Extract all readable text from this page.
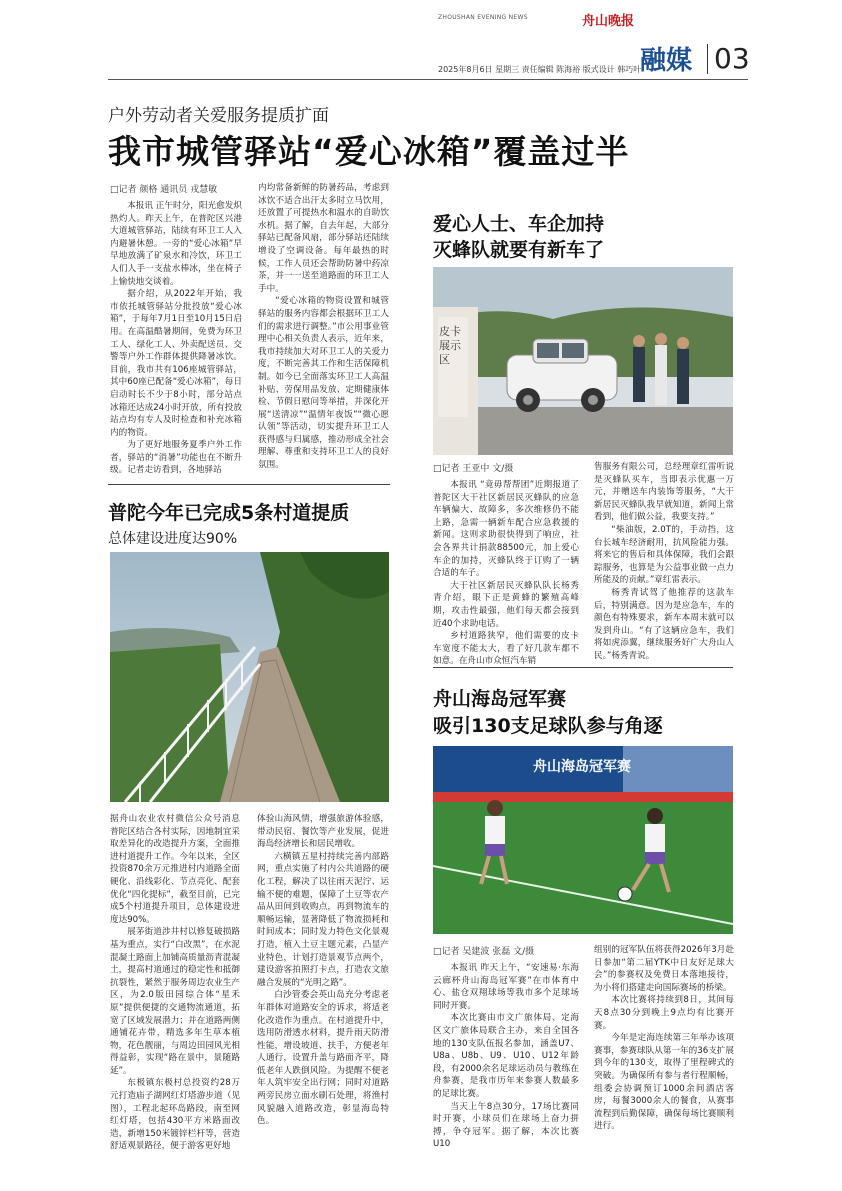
ZHOUSHAN EVENING NEWS	舟山晚报
2025年8月6日 星期三 责任编辑 陈海裕 版式设计 韩巧叶
融媒 03
户外劳动者关爱服务提质扩面
我市城管驿站“爱心冰箱”覆盖过半
□记者 颜格 通讯员 戎慧敏

本报讯 正午时分，阳光愈发炽热灼人。昨天上午，在普陀区兴港大道城管驿站，陆续有环卫工人入内避暑休憩。一旁的“爱心冰箱”早早地放满了矿泉水和冷饮，环卫工人们人手一支盐水棒冰，坐在椅子上愉快地交谈着。

据介绍，从2022年开始，我市依托城管驿站分批投放“爱心冰箱”，于每年7月1日至10月15日启用。在高温酷暑期间，免费为环卫工人、绿化工人、外卖配送员、交警等户外工作群体提供降暑冰饮。目前，我市共有106座城管驿站，其中60座已配备“爱心冰箱”，每日启动时长不少于8小时，部分站点冰箱还达成24小时开放，所有投放站点均有专人及时检查和补充冰箱内的物资。

为了更好地服务夏季户外工作者，驿站的“消暑”功能也在不断升级。记者走访看到，各地驿站

内均常备新鲜的防暑药品，考虑到冰饮不适合出汗太多时立马饮用，还放置了可提热水和温水的自助饮水机。据了解，自去年起，大部分驿站已配备风扇，部分驿站还陆续增设了空调设备。每年最热的时候，工作人员还会帮助防暑中药凉茶，并一一送至道路面的环卫工人手中。

“爱心冰箱的物资设置和城管驿站的服务内容都会根据环卫工人们的需求进行调整。”市公用事业管理中心相关负责人表示，近年来，我市持续加大对环卫工人的关爱力度，不断完善其工作和生活保障机制。如今已全面落实环卫工人高温补贴、劳保用品发放、定期健康体检、节假日慰问等举措，并深化开展“送清凉”“温情年夜饭”“微心愿认领”等活动，切实提升环卫工人获得感与归属感，推动形成全社会理解、尊重和支持环卫工人的良好氛围。

普陀今年已完成5条村道提质
总体建设进度达90%

据舟山农业农村微信公众号消息 普陀区结合各村实际，因地制宜采取差异化的改造提升方案，全面推进村道提升工作。今年以来，全区投资870余万元推进村内道路全面硬化、沿线彩化、节点亮化、配套优化“四化提标”，截至目前，已完成5个村道提升项目，总体建设进度达90%。

展茅街道涉井村以修复破损路基为重点，实行“白改黑”，在水泥混凝土路面上加铺高质量沥青混凝土，提高村道通过的稳定性和抵御抗裂性，紧然于服务周边农业生产区，为2.0版田园综合体“星禾原”提供便捷的交通物流通道，拓宽了区域发展潜力；并在道路两侧通铺花卉带，精选多年生草本植物，花色靓丽，与周边田园风光相得益彰，实现“路在景中，景随路延”。

东极镇东极村总投资约28万元打造庙子湖网红灯塔游步道（见图），工程北起环岛路段，南至网红灯塔，包括430平方米路面改造，新增150米镀锌栏杆等，营造舒适观景路径，便于游客更好地

体验山海风情，增强旅游体验感，带动民宿、餐饮等产业发展，促进海岛经济增长和居民增收。

六横镇五星村持续完善内部路网，重点实施了村内公共道路的硬化工程，解决了以往雨天泥泞、运输不便的难题，保障了土豆等农产品从田间到收购点，再到物流车的顺畅运输，显著降低了物流损耗和时间成本；同时发力特色文化景观打造，植入土豆主题元素，凸显产业特色，计划打造景观节点两个，建设游客拍照打卡点，打造农文旅融合发展的“光明之路”。

白沙管委会英山岛充分考虑老年群体对道路安全的诉求，将适老化改造作为重点。在村道提升中，选用防滑透水材料，提升雨天防滑性能，增设坡道、扶手，方便老年人通行，设置升盖与路面齐平，降低老年人跌倒风险。为提醒不便老年人筑牢安全出行网；同时对道路两旁民房立面水刷石处理，将渔村风貌融入道路改造，彰显海岛特色。

爱心人士、车企加持
灭蜂队就要有新车了
皮卡展示区
□记者 王亚中 文/摄

本报讯 “竟毋帮帮团”近期报道了普陀区大干社区新居民灭蜂队的应急车辆偏大、故障多，多次维修仍不能上路，急需一辆新车配合应急救援的新闻。这则求助很快得到了响应，社会各界共计捐款88500元，加上爱心车企的加持，灭蜂队终于订购了一辆合适的车子。

大干社区新居民灭蜂队队长杨秀青介绍，眼下正是黄蜂的繁殖高峰期，攻击性最强，他们每天都会接到近40个求助电话。

乡村道路狭窄，他们需要的皮卡车宽度不能太大，看了好几款车都不如意。在舟山市众恒汽车销

售服务有限公司，总经理章红雷听说是灭蜂队买车，当即表示优惠一万元，并赠送车内装饰等服务，“大干新居民灭蜂队我早就知道，新闻上常看到，他们做公益，我要支持。”

“柴油版，2.0T的，手动挡，这台长城车经济耐用，抗风险能力强。将来它的售后和具体保障，我们会跟踪服务，也算是为公益事业做一点力所能及的贡献。”章红雷表示。

杨秀青试驾了他推荐的这款车后，特别满意。因为是应急车，车的颜色有特殊要求，新车本周末就可以发到舟山。“有了这辆应急车，我们将如虎添翼，继续服务好广大舟山人民。”杨秀青说。

舟山海岛冠军赛
吸引130支足球队参与角逐
舟山海岛冠军赛
□记者 吴建波 张磊 文/摄

本报讯 昨天上午，“安速易·东海云廊杯舟山海岛冠军赛”在市体育中心、盐仓双翔球场等我市多个足球场同时开赛。

本次比赛由市文广旅体局、定海区文广旅体局联合主办，来自全国各地的130支队伍报名参加，涵盖U7、U8a、U8b、U9、U10、U12年龄段，有2000余名足球运动员与教练在舟参赛，是我市历年来参赛人数最多的足球比赛。

当天上午8点30分，17场比赛同时开赛，小球员们在球场上奋力拼搏，争夺冠军。据了解，本次比赛U10

组别的冠军队伍将获得2026年3月赴日参加“第二届YTK中日友好足球大会”的参赛权及免费日本落地接待，为小将们搭建走向国际赛场的桥梁。

本次比赛将持续到8日，其间每天8点30分到晚上9点均有比赛开赛。

今年是定海连续第三年举办该项赛事，参赛球队从第一年的36支扩展到今年的130支，取得了里程碑式的突破。为确保所有参与者行程顺畅，组委会协调预订1000余间酒店客房，每餐3000余人的餐食，从赛事流程到后勤保障，确保每场比赛顺利进行。
